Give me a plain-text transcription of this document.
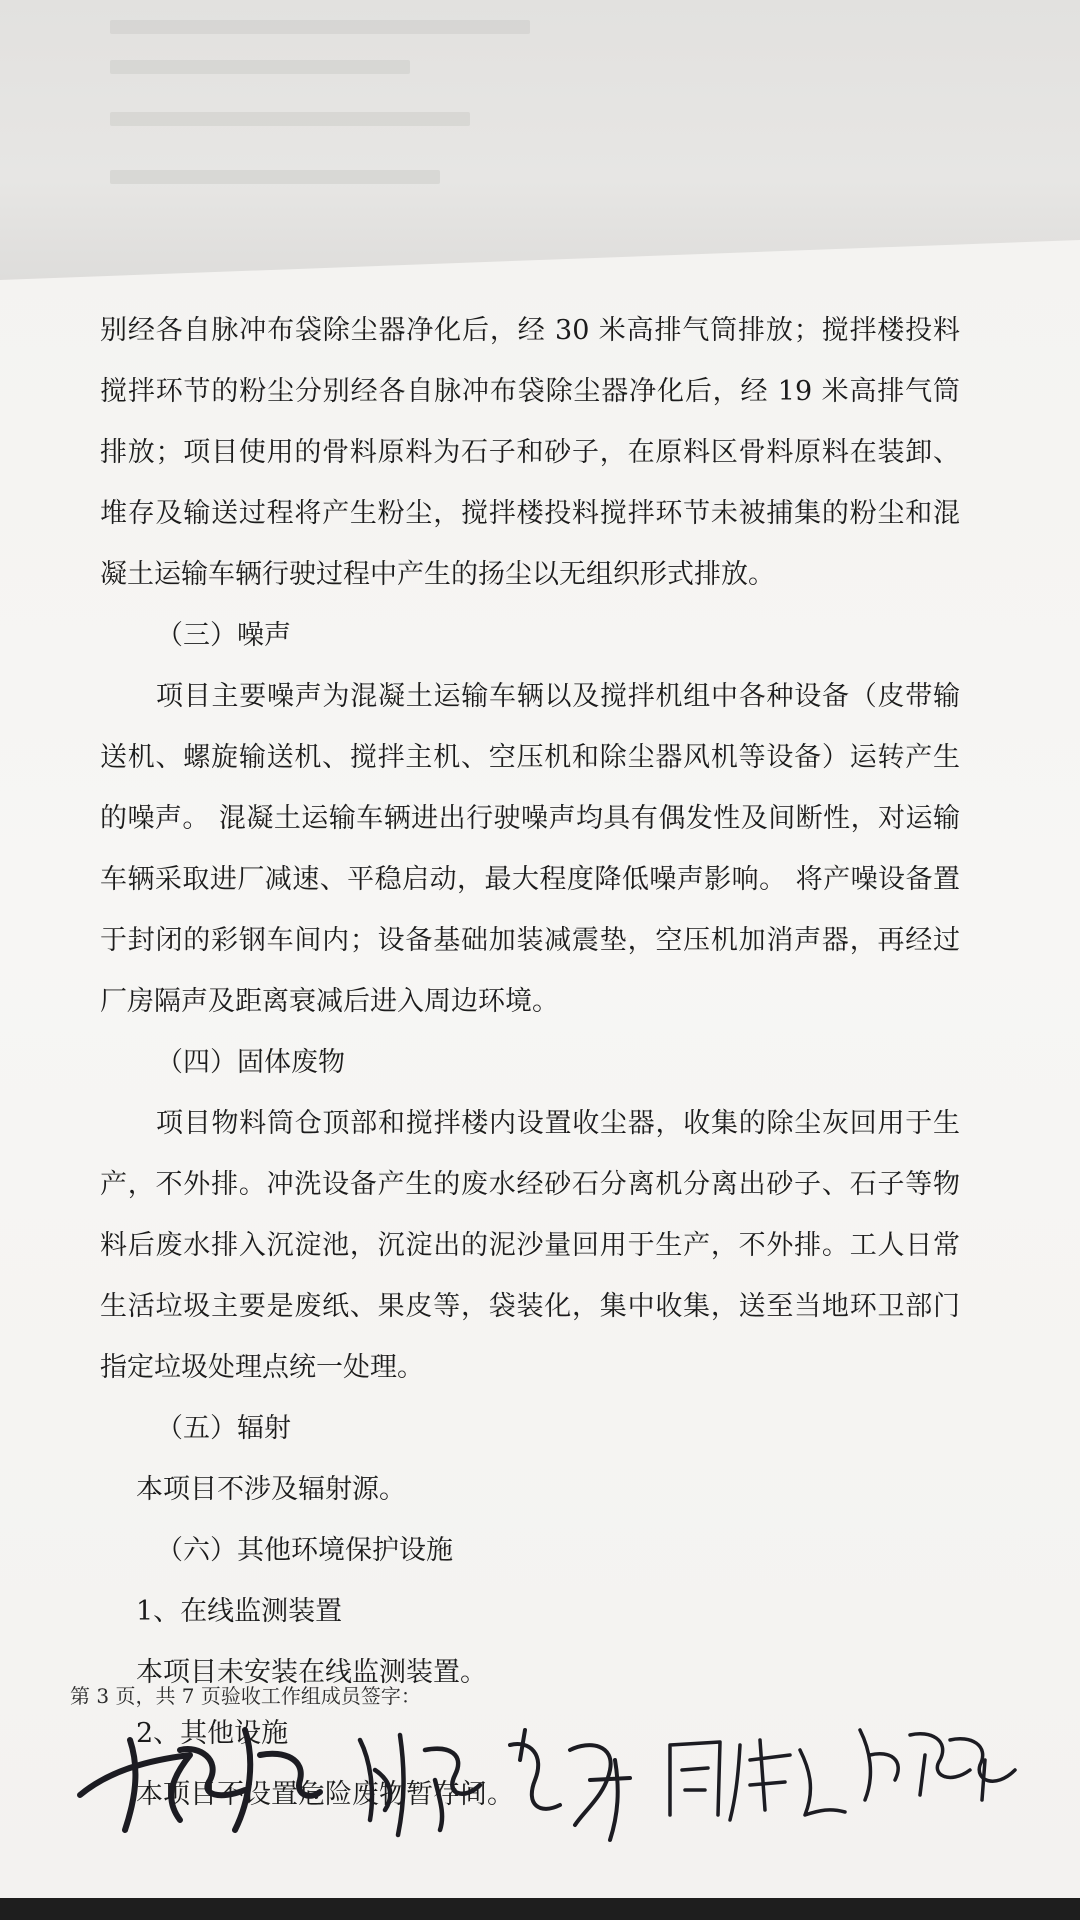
别经各自脉冲布袋除尘器净化后，经 30 米高排气筒排放；搅拌楼投料搅拌环节的粉尘分别经各自脉冲布袋除尘器净化后，经 19 米高排气筒排放；项目使用的骨料原料为石子和砂子，在原料区骨料原料在装卸、堆存及输送过程将产生粉尘，搅拌楼投料搅拌环节未被捕集的粉尘和混凝土运输车辆行驶过程中产生的扬尘以无组织形式排放。

（三）噪声

项目主要噪声为混凝土运输车辆以及搅拌机组中各种设备（皮带输送机、螺旋输送机、搅拌主机、空压机和除尘器风机等设备）运转产生的噪声。 混凝土运输车辆进出行驶噪声均具有偶发性及间断性，对运输车辆采取进厂减速、平稳启动，最大程度降低噪声影响。 将产噪设备置于封闭的彩钢车间内；设备基础加装减震垫，空压机加消声器，再经过厂房隔声及距离衰减后进入周边环境。

（四）固体废物

项目物料筒仓顶部和搅拌楼内设置收尘器，收集的除尘灰回用于生产，不外排。冲洗设备产生的废水经砂石分离机分离出砂子、石子等物料后废水排入沉淀池，沉淀出的泥沙量回用于生产，不外排。工人日常生活垃圾主要是废纸、果皮等，袋装化，集中收集，送至当地环卫部门指定垃圾处理点统一处理。

（五）辐射

本项目不涉及辐射源。

（六）其他环境保护设施

1、在线监测装置

本项目未安装在线监测装置。

2、其他设施

本项目不设置危险废物暂存间。

第 3 页，共 7 页验收工作组成员签字：
